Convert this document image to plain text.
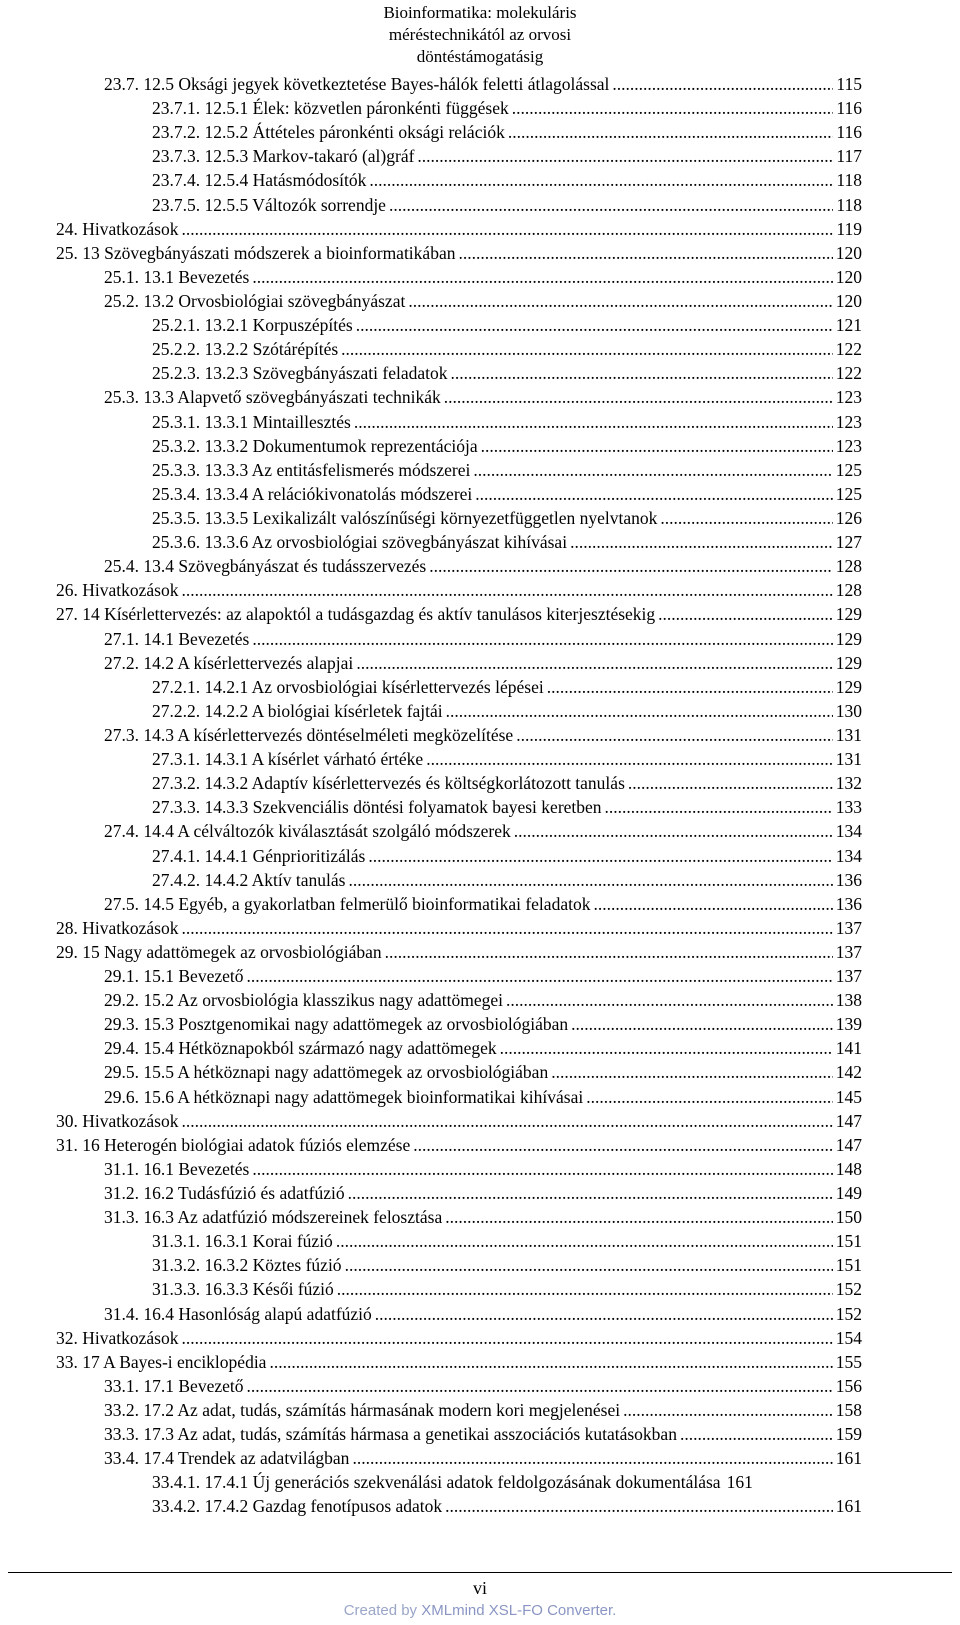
Bioinformatika: molekuláris
méréstechnikától az orvosi
döntéstámogatásig
23.7. 12.5 Oksági jegyek következtetése Bayes-hálók feletti átlagolással .....	115
23.7.1. 12.5.1 Élek: közvetlen páronkénti függések .....	116
23.7.2. 12.5.2 Áttételes páronkénti oksági relációk .....	116
23.7.3. 12.5.3 Markov-takaró (al)gráf .....	117
23.7.4. 12.5.4 Hatásmódosítók .....	118
23.7.5. 12.5.5 Változók sorrendje .....	118
24. Hivatkozások .....	119
25. 13 Szövegbányászati módszerek a bioinformatikában .....	120
25.1. 13.1 Bevezetés .....	120
25.2. 13.2 Orvosbiológiai szövegbányászat .....	120
25.2.1. 13.2.1 Korpuszépítés .....	121
25.2.2. 13.2.2 Szótárépítés .....	122
25.2.3. 13.2.3 Szövegbányászati feladatok .....	122
25.3. 13.3 Alapvető szövegbányászati technikák .....	123
25.3.1. 13.3.1 Mintaillesztés .....	123
25.3.2. 13.3.2 Dokumentumok reprezentációja .....	123
25.3.3. 13.3.3 Az entitásfelismerés módszerei .....	125
25.3.4. 13.3.4 A relációkivonatolás módszerei .....	125
25.3.5. 13.3.5 Lexikalizált valószínűségi környezetfüggetlen nyelvtanok .....	126
25.3.6. 13.3.6 Az orvosbiológiai szövegbányászat kihívásai .....	127
25.4. 13.4 Szövegbányászat és tudásszervezés .....	128
26. Hivatkozások .....	128
27. 14 Kísérlettervezés: az alapoktól a tudásgazdag és aktív tanulásos kiterjesztésekig .....	129
27.1. 14.1 Bevezetés .....	129
27.2. 14.2 A kísérlettervezés alapjai .....	129
27.2.1. 14.2.1 Az orvosbiológiai kísérlettervezés lépései .....	129
27.2.2. 14.2.2 A biológiai kísérletek fajtái .....	130
27.3. 14.3 A kísérlettervezés döntéselméleti megközelítése .....	131
27.3.1. 14.3.1 A kísérlet várható értéke .....	131
27.3.2. 14.3.2 Adaptív kísérlettervezés és költségkorlátozott tanulás .....	132
27.3.3. 14.3.3 Szekvenciális döntési folyamatok bayesi keretben .....	133
27.4. 14.4 A célváltozók kiválasztását szolgáló módszerek .....	134
27.4.1. 14.4.1 Génprioritizálás .....	134
27.4.2. 14.4.2 Aktív tanulás .....	136
27.5. 14.5 Egyéb, a gyakorlatban felmerülő bioinformatikai feladatok .....	136
28. Hivatkozások .....	137
29. 15 Nagy adattömegek az orvosbiológiában .....	137
29.1. 15.1 Bevezető .....	137
29.2. 15.2 Az orvosbiológia klasszikus nagy adattömegei .....	138
29.3. 15.3 Posztgenomikai nagy adattömegek az orvosbiológiában .....	139
29.4. 15.4 Hétköznapokból származó nagy adattömegek .....	141
29.5. 15.5 A hétköznapi nagy adattömegek az orvosbiológiában .....	142
29.6. 15.6 A hétköznapi nagy adattömegek bioinformatikai kihívásai .....	145
30. Hivatkozások .....	147
31. 16 Heterogén biológiai adatok fúziós elemzése .....	147
31.1. 16.1 Bevezetés .....	148
31.2. 16.2 Tudásfúzió és adatfúzió .....	149
31.3. 16.3 Az adatfúzió módszereinek felosztása .....	150
31.3.1. 16.3.1 Korai fúzió .....	151
31.3.2. 16.3.2 Köztes fúzió .....	151
31.3.3. 16.3.3 Késői fúzió .....	152
31.4. 16.4 Hasonlóság alapú adatfúzió .....	152
32. Hivatkozások .....	154
33. 17 A Bayes-i enciklopédia .....	155
33.1. 17.1 Bevezető .....	156
33.2. 17.2 Az adat, tudás, számítás hármasának modern kori megjelenései .....	158
33.3. 17.3 Az adat, tudás, számítás hármasa a genetikai asszociációs kutatásokban .....	159
33.4. 17.4 Trendek az adatvilágban .....	161
33.4.1. 17.4.1 Új generációs szekvenálási adatok feldolgozásának dokumentálása 161
33.4.2. 17.4.2 Gazdag fenotípusos adatok .....	161
vi
Created by XMLmind XSL-FO Converter.
